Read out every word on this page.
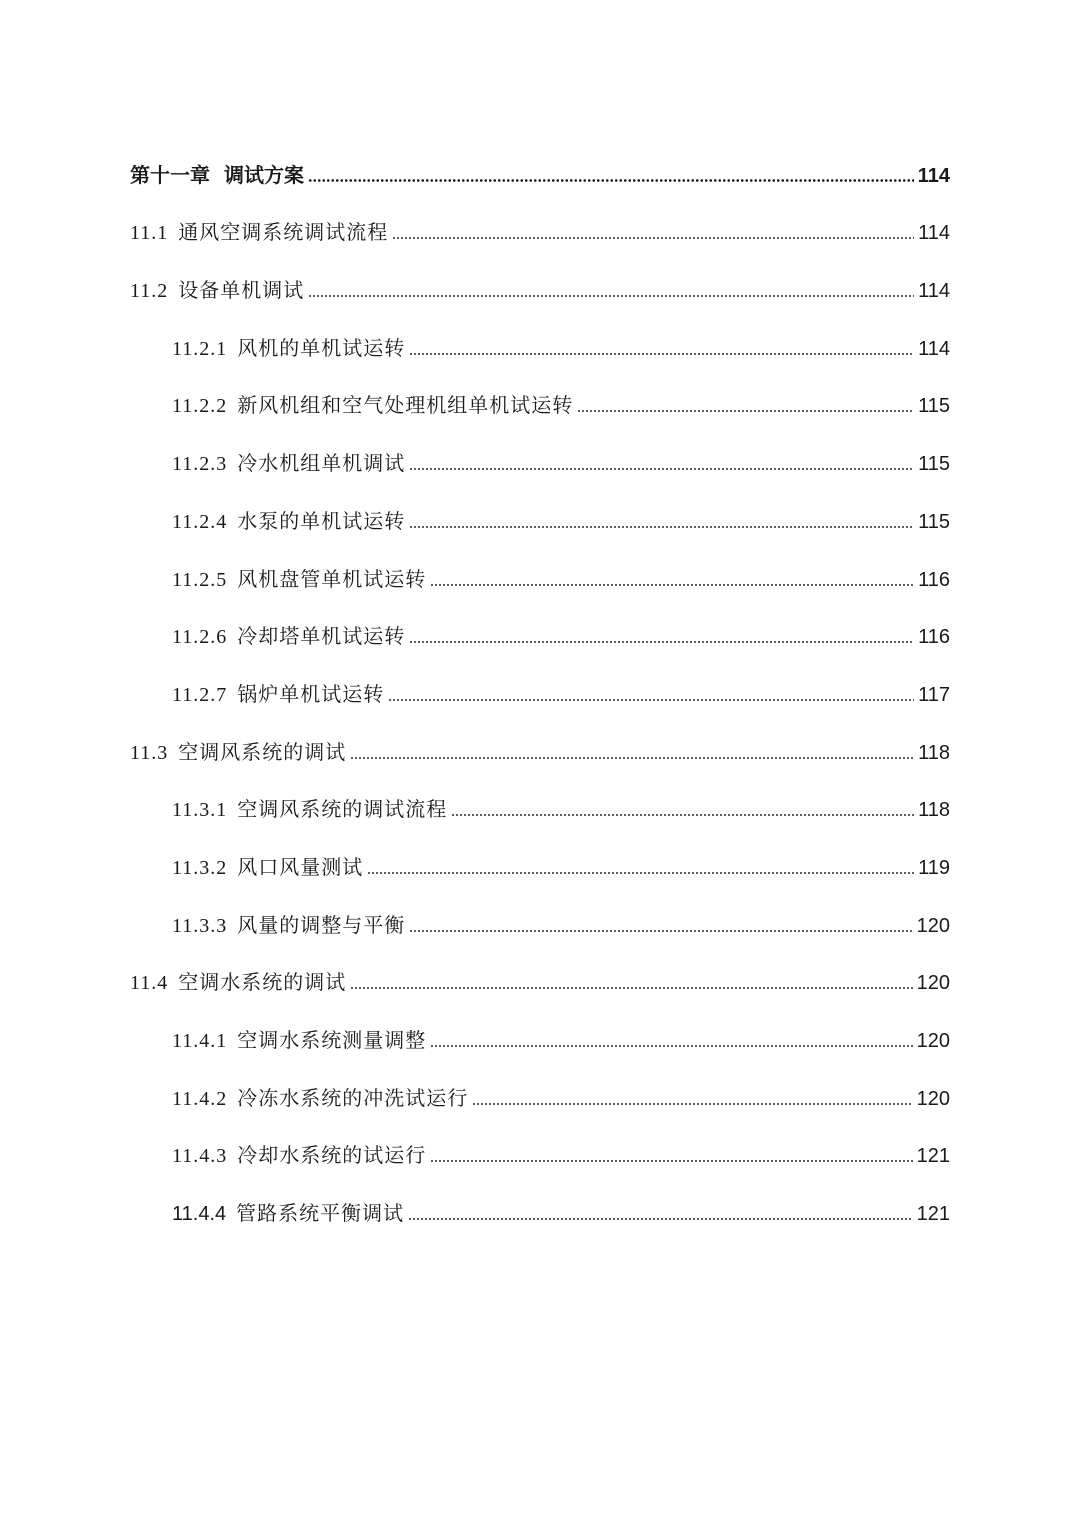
第十一章 调试方案	114
11.1 通风空调系统调试流程	114
11.2 设备单机调试	114
11.2.1 风机的单机试运转	114
11.2.2 新风机组和空气处理机组单机试运转	115
11.2.3 冷水机组单机调试	115
11.2.4 水泵的单机试运转	115
11.2.5 风机盘管单机试运转	116
11.2.6 冷却塔单机试运转	116
11.2.7 锅炉单机试运转	117
11.3 空调风系统的调试	118
11.3.1 空调风系统的调试流程	118
11.3.2 风口风量测试	119
11.3.3 风量的调整与平衡	120
11.4 空调水系统的调试	120
11.4.1 空调水系统测量调整	120
11.4.2 冷冻水系统的冲洗试运行	120
11.4.3 冷却水系统的试运行	121
11.4.4 管路系统平衡调试	121
